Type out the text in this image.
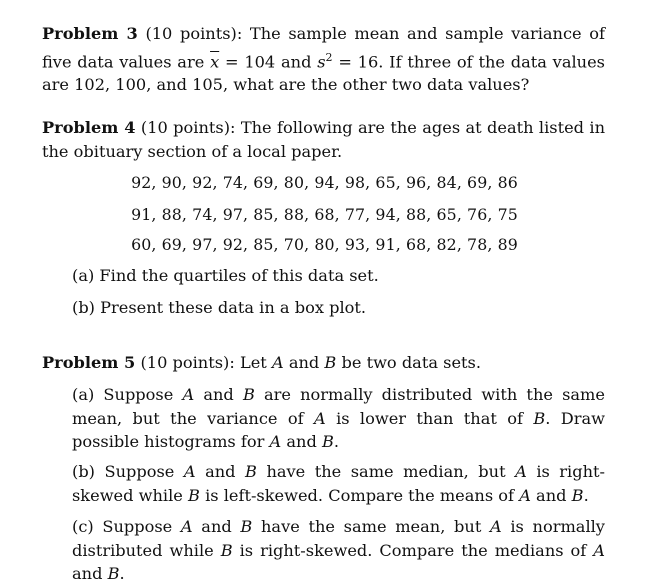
Problem 3 (10 points): The sample mean and sample variance of five data values are $\overline{x} = 104$ and $s^2 = 16$. If three of the data values are 102, 100, and 105, what are the other two data values?
Problem 4 (10 points): The following are the ages at death listed in the obituary section of a local paper.
92, 90, 92, 74, 69, 80, 94, 98, 65, 96, 84, 69, 86
91, 88, 74, 97, 85, 88, 68, 77, 94, 88, 65, 76, 75
60, 69, 97, 92, 85, 70, 80, 93, 91, 68, 82, 78, 89
(a) Find the quartiles of this data set.
(b) Present these data in a box plot.
Problem 5 (10 points): Let A and B be two data sets.
(a) Suppose A and B are normally distributed with the same mean, but the variance of A is lower than that of B. Draw possible histograms for A and B.
(b) Suppose A and B have the same median, but A is right-skewed while B is left-skewed. Compare the means of A and B.
(c) Suppose A and B have the same mean, but A is normally distributed while B is right-skewed. Compare the medians of A and B.
